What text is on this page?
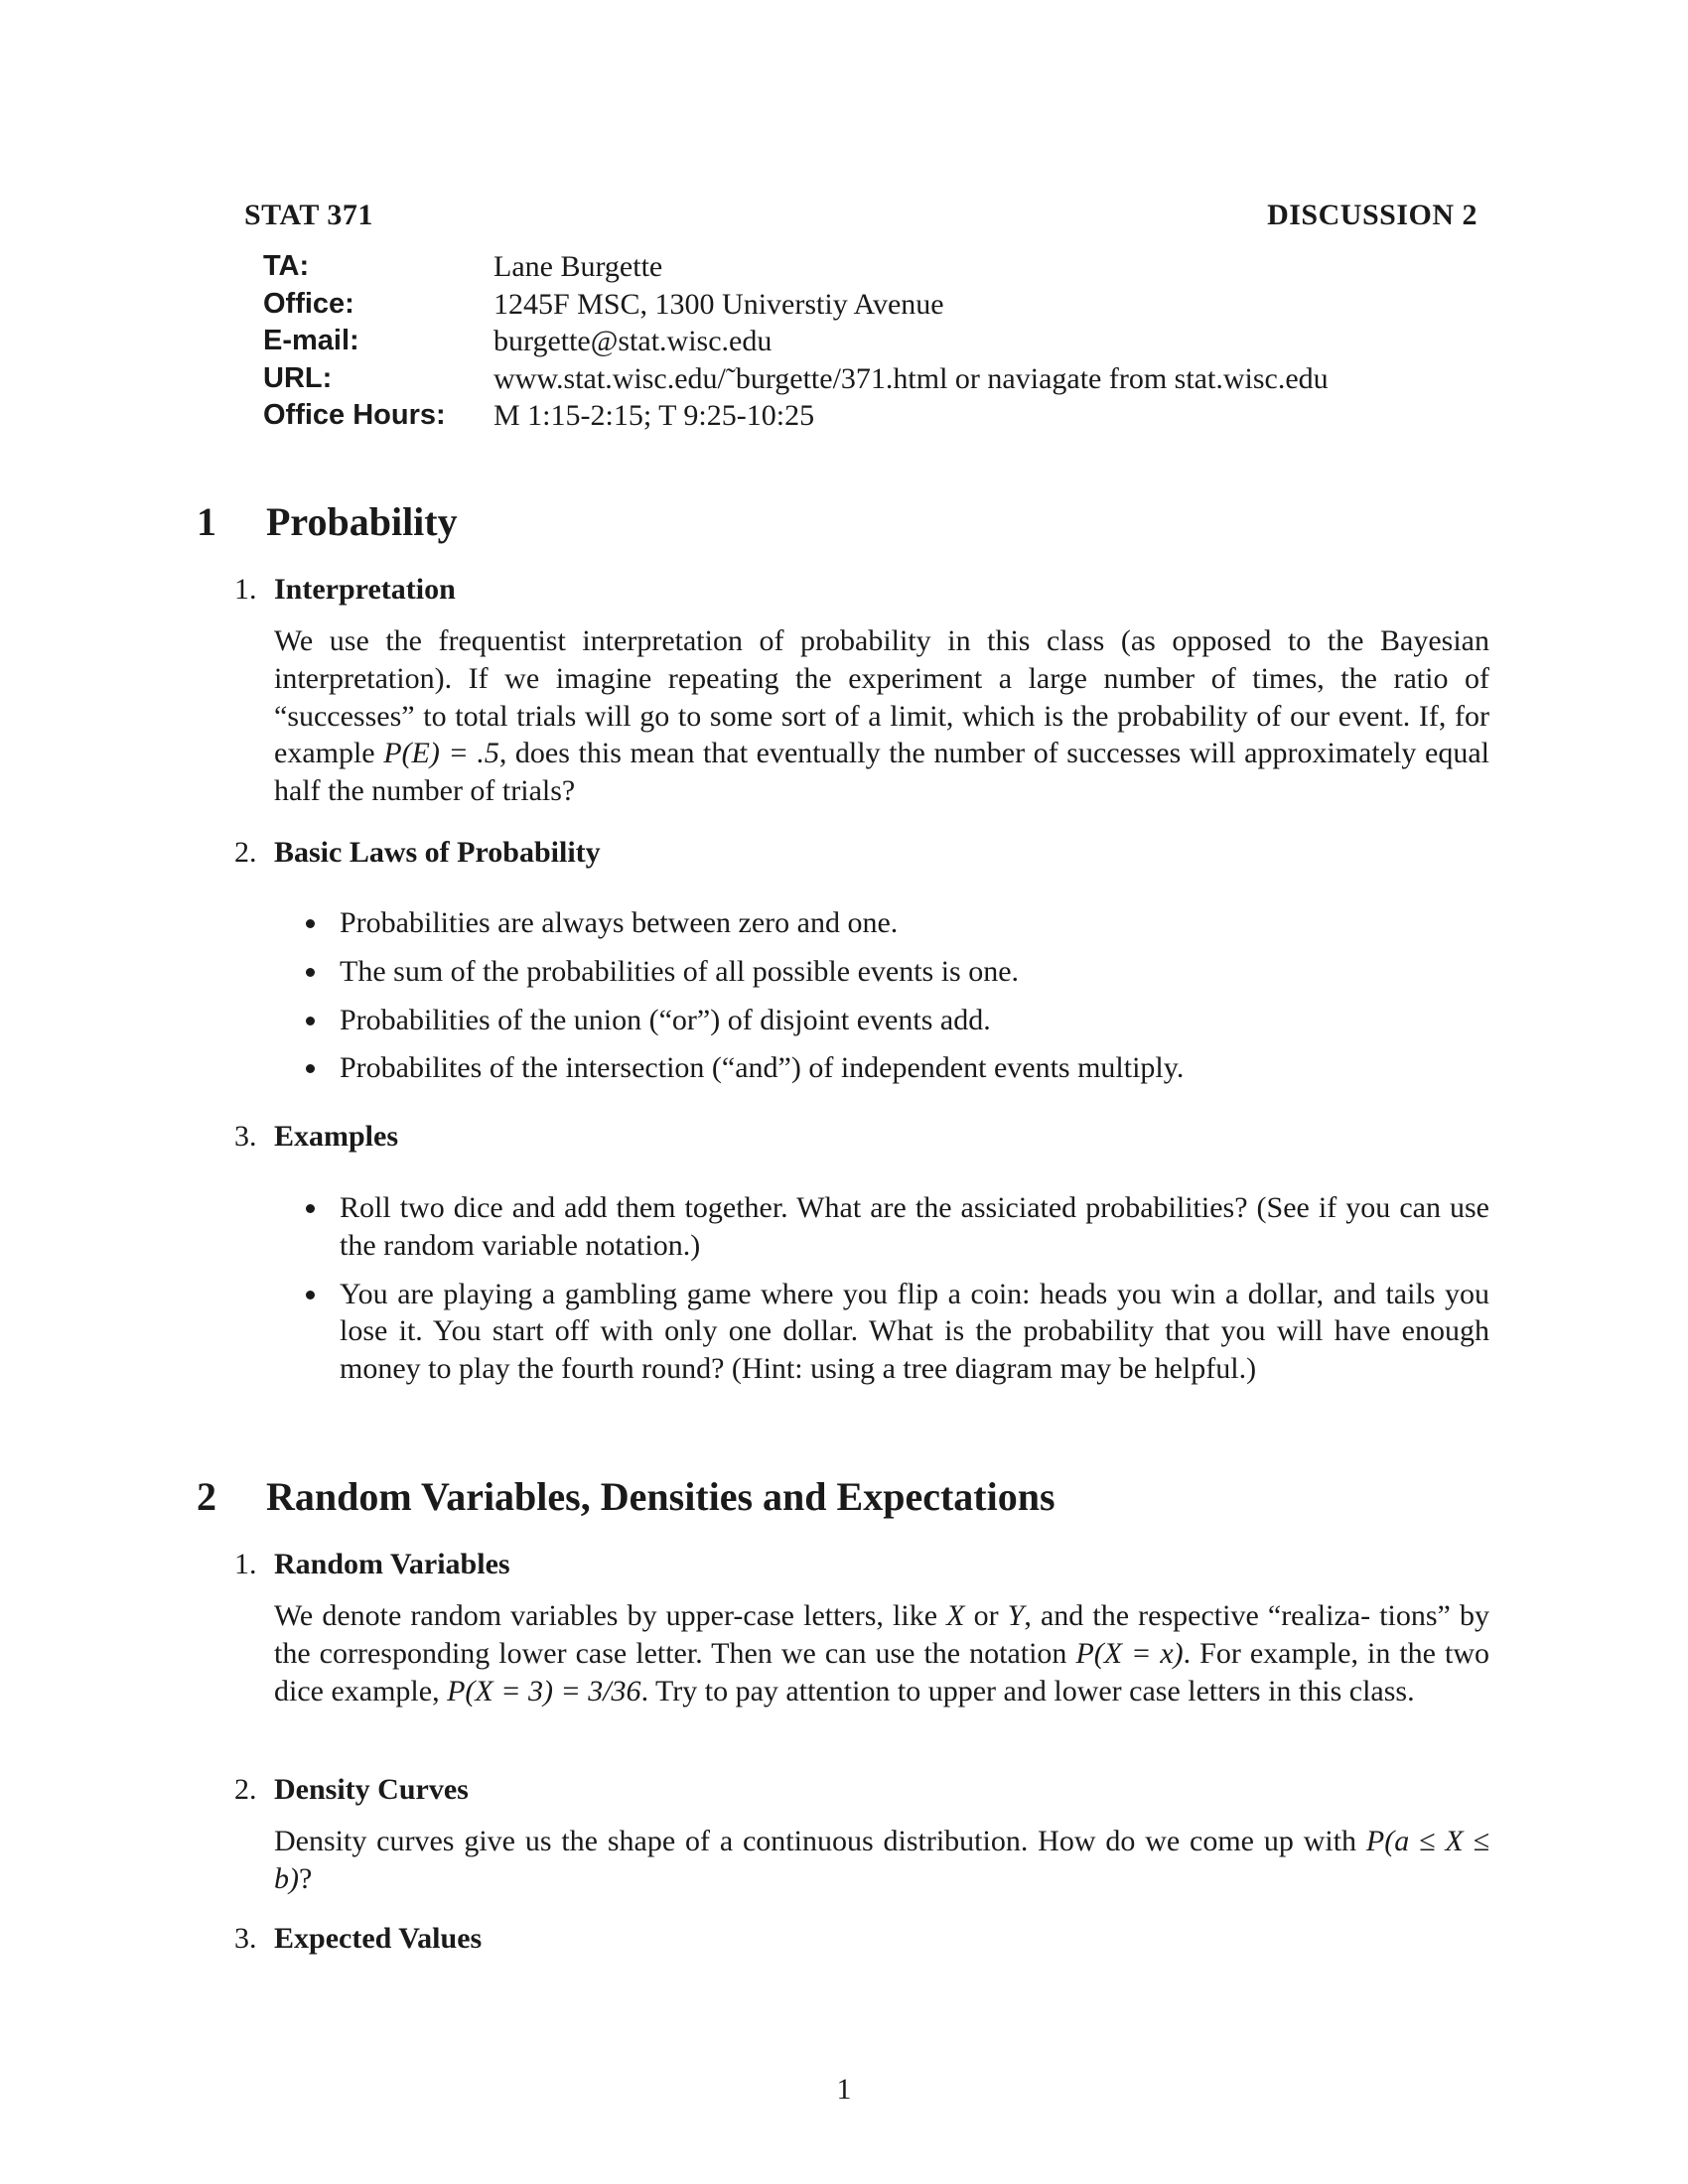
STAT 371	DISCUSSION 2
TA:	Lane Burgette
Office:	1245F MSC, 1300 Universtiy Avenue
E-mail:	burgette@stat.wisc.edu
URL:	www.stat.wisc.edu/˜burgette/371.html or naviagate from stat.wisc.edu
Office Hours:	M 1:15-2:15; T 9:25-10:25
1 Probability
1. Interpretation
We use the frequentist interpretation of probability in this class (as opposed to the Bayesian interpretation). If we imagine repeating the experiment a large number of times, the ratio of “successes” to total trials will go to some sort of a limit, which is the probability of our event. If, for example P(E) = .5, does this mean that eventually the number of successes will approximately equal half the number of trials?
2. Basic Laws of Probability
Probabilities are always between zero and one.
The sum of the probabilities of all possible events is one.
Probabilities of the union (“or”) of disjoint events add.
Probabilites of the intersection (“and”) of independent events multiply.
3. Examples
Roll two dice and add them together. What are the assiciated probabilities? (See if you can use the random variable notation.)
You are playing a gambling game where you flip a coin: heads you win a dollar, and tails you lose it. You start off with only one dollar. What is the probability that you will have enough money to play the fourth round? (Hint: using a tree diagram may be helpful.)
2 Random Variables, Densities and Expectations
1. Random Variables
We denote random variables by upper-case letters, like X or Y, and the respective “realiza- tions” by the corresponding lower case letter. Then we can use the notation P(X = x). For example, in the two dice example, P(X = 3) = 3/36. Try to pay attention to upper and lower case letters in this class.
2. Density Curves
Density curves give us the shape of a continuous distribution. How do we come up with P(a ≤ X ≤ b)?
3. Expected Values
1
